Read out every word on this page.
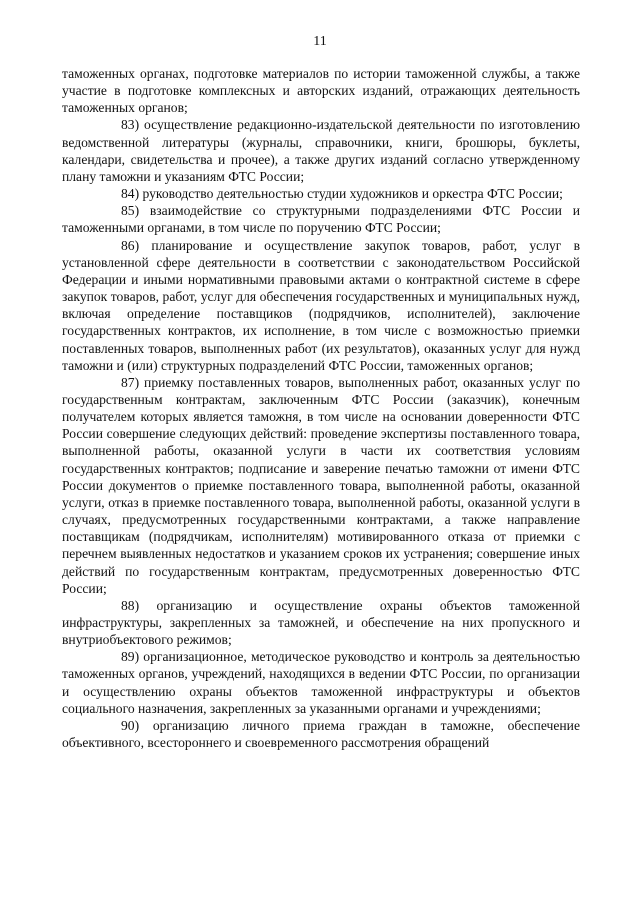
11

таможенных органах, подготовке материалов по истории таможенной службы, а также участие в подготовке комплексных и авторских изданий, отражающих деятельность таможенных органов;

83) осуществление редакционно-издательской деятельности по изготовлению ведомственной литературы (журналы, справочники, книги, брошюры, буклеты, календари, свидетельства и прочее), а также других изданий согласно утвержденному плану таможни и указаниям ФТС России;

84) руководство деятельностью студии художников и оркестра ФТС России;

85) взаимодействие со структурными подразделениями ФТС России и таможенными органами, в том числе по поручению ФТС России;

86) планирование и осуществление закупок товаров, работ, услуг в установленной сфере деятельности в соответствии с законодательством Российской Федерации и иными нормативными правовыми актами о контрактной системе в сфере закупок товаров, работ, услуг для обеспечения государственных и муниципальных нужд, включая определение поставщиков (подрядчиков, исполнителей), заключение государственных контрактов, их исполнение, в том числе с возможностью приемки поставленных товаров, выполненных работ (их результатов), оказанных услуг для нужд таможни и (или) структурных подразделений ФТС России, таможенных органов;

87) приемку поставленных товаров, выполненных работ, оказанных услуг по государственным контрактам, заключенным ФТС России (заказчик), конечным получателем которых является таможня, в том числе на основании доверенности ФТС России совершение следующих действий: проведение экспертизы поставленного товара, выполненной работы, оказанной услуги в части их соответствия условиям государственных контрактов; подписание и заверение печатью таможни от имени ФТС России документов о приемке поставленного товара, выполненной работы, оказанной услуги, отказ в приемке поставленного товара, выполненной работы, оказанной услуги в случаях, предусмотренных государственными контрактами, а также направление поставщикам (подрядчикам, исполнителям) мотивированного отказа от приемки с перечнем выявленных недостатков и указанием сроков их устранения; совершение иных действий по государственным контрактам, предусмотренных доверенностью ФТС России;

88) организацию и осуществление охраны объектов таможенной инфраструктуры, закрепленных за таможней, и обеспечение на них пропускного и внутриобъектового режимов;

89) организационное, методическое руководство и контроль за деятельностью таможенных органов, учреждений, находящихся в ведении ФТС России, по организации и осуществлению охраны объектов таможенной инфраструктуры и объектов социального назначения, закрепленных за указанными органами и учреждениями;

90) организацию личного приема граждан в таможне, обеспечение объективного, всестороннего и своевременного рассмотрения обращений
